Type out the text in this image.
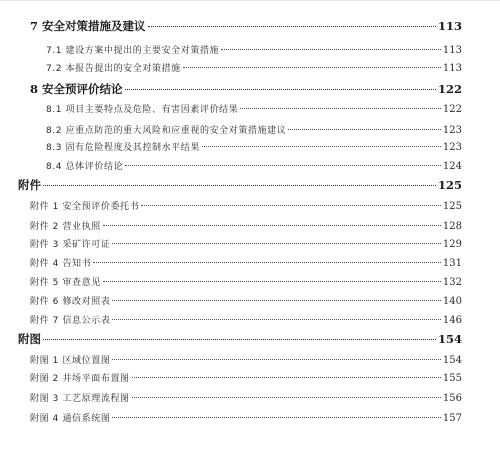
7 安全对策措施及建议	113
7.1 建设方案中提出的主要安全对策措施	113
7.2 本报告提出的安全对策措施	113
8 安全预评价结论	122
8.1 项目主要特点及危险、有害因素评价结果	122
8.2 应重点防范的重大风险和应重视的安全对策措施建议	123
8.3 固有危险程度及其控制水平结果	123
8.4 总体评价结论	124
附件	125
附件 1 安全预评价委托书	125
附件 2 营业执照	128
附件 3 采矿许可证	129
附件 4 告知书	131
附件 5 审查意见	132
附件 6 修改对照表	140
附件 7 信息公示表	146
附图	154
附图 1 区域位置图	154
附图 2 井场平面布置图	155
附图 3 工艺原理流程图	156
附图 4 通信系统图	157
